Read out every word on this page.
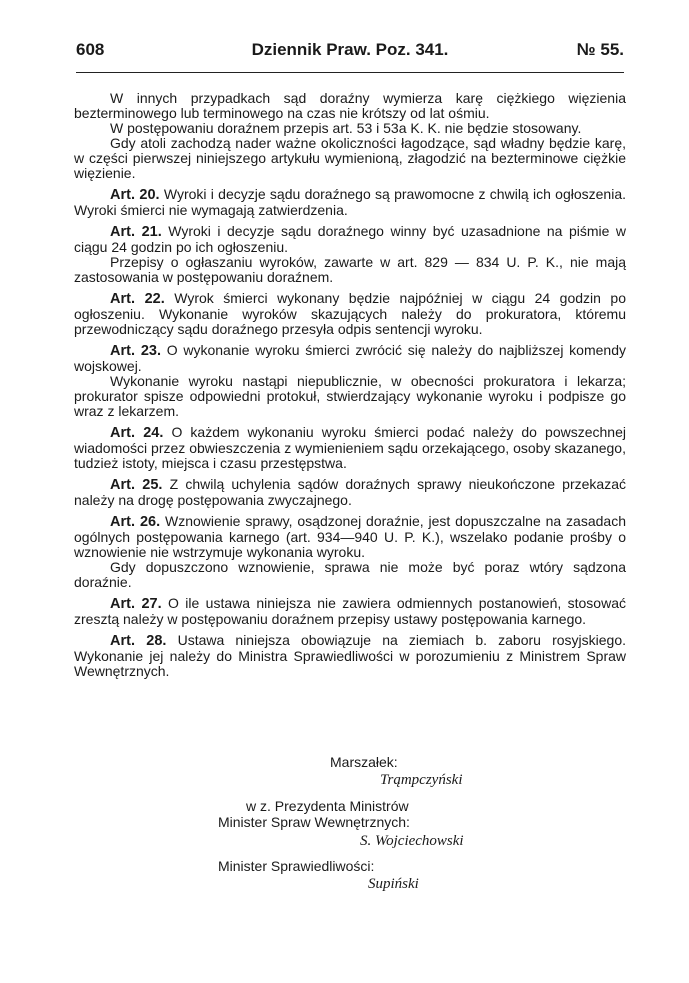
608	Dziennik Praw. Poz. 341.	№ 55.

W innych przypadkach sąd doraźny wymierza karę ciężkiego więzienia bezterminowego lub terminowego na czas nie krótszy od lat ośmiu.

W postępowaniu doraźnem przepis art. 53 i 53a K. K. nie będzie stosowany.

Gdy atoli zachodzą nader ważne okoliczności łagodzące, sąd władny będzie karę, w części pierwszej niniejszego artykułu wymienioną, złagodzić na bezterminowe ciężkie więzienie.

Art. 20. Wyroki i decyzje sądu doraźnego są prawomocne z chwilą ich ogłoszenia. Wyroki śmierci nie wymagają zatwierdzenia.

Art. 21. Wyroki i decyzje sądu doraźnego winny być uzasadnione na piśmie w ciągu 24 godzin po ich ogłoszeniu.

Przepisy o ogłaszaniu wyroków, zawarte w art. 829 — 834 U. P. K., nie mają zastosowania w postępowaniu doraźnem.

Art. 22. Wyrok śmierci wykonany będzie najpóźniej w ciągu 24 godzin po ogłoszeniu. Wykonanie wyroków skazujących należy do prokuratora, któremu przewodniczący sądu doraźnego przesyła odpis sentencji wyroku.

Art. 23. O wykonanie wyroku śmierci zwrócić się należy do najbliższej komendy wojskowej.

Wykonanie wyroku nastąpi niepublicznie, w obecności prokuratora i lekarza; prokurator spisze odpowiedni protokuł, stwierdzający wykonanie wyroku i podpisze go wraz z lekarzem.

Art. 24. O każdem wykonaniu wyroku śmierci podać należy do powszechnej wiadomości przez obwieszczenia z wymienieniem sądu orzekającego, osoby skazanego, tudzież istoty, miejsca i czasu przestępstwa.

Art. 25. Z chwilą uchylenia sądów doraźnych sprawy nieukończone przekazać należy na drogę postępowania zwyczajnego.

Art. 26. Wznowienie sprawy, osądzonej doraźnie, jest dopuszczalne na zasadach ogólnych postępowania karnego (art. 934—940 U. P. K.), wszelako podanie prośby o wznowienie nie wstrzymuje wykonania wyroku.

Gdy dopuszczono wznowienie, sprawa nie może być poraz wtóry sądzona doraźnie.

Art. 27. O ile ustawa niniejsza nie zawiera odmiennych postanowień, stosować zresztą należy w postępowaniu doraźnem przepisy ustawy postępowania karnego.

Art. 28. Ustawa niniejsza obowiązuje na ziemiach b. zaboru rosyjskiego. Wykonanie jej należy do Ministra Sprawiedliwości w porozumieniu z Ministrem Spraw Wewnętrznych.

Marszałek:
Trąmpczyński
w z. Prezydenta Ministrów
Minister Spraw Wewnętrznych:
S. Wojciechowski
Minister Sprawiedliwości:
Supiński
